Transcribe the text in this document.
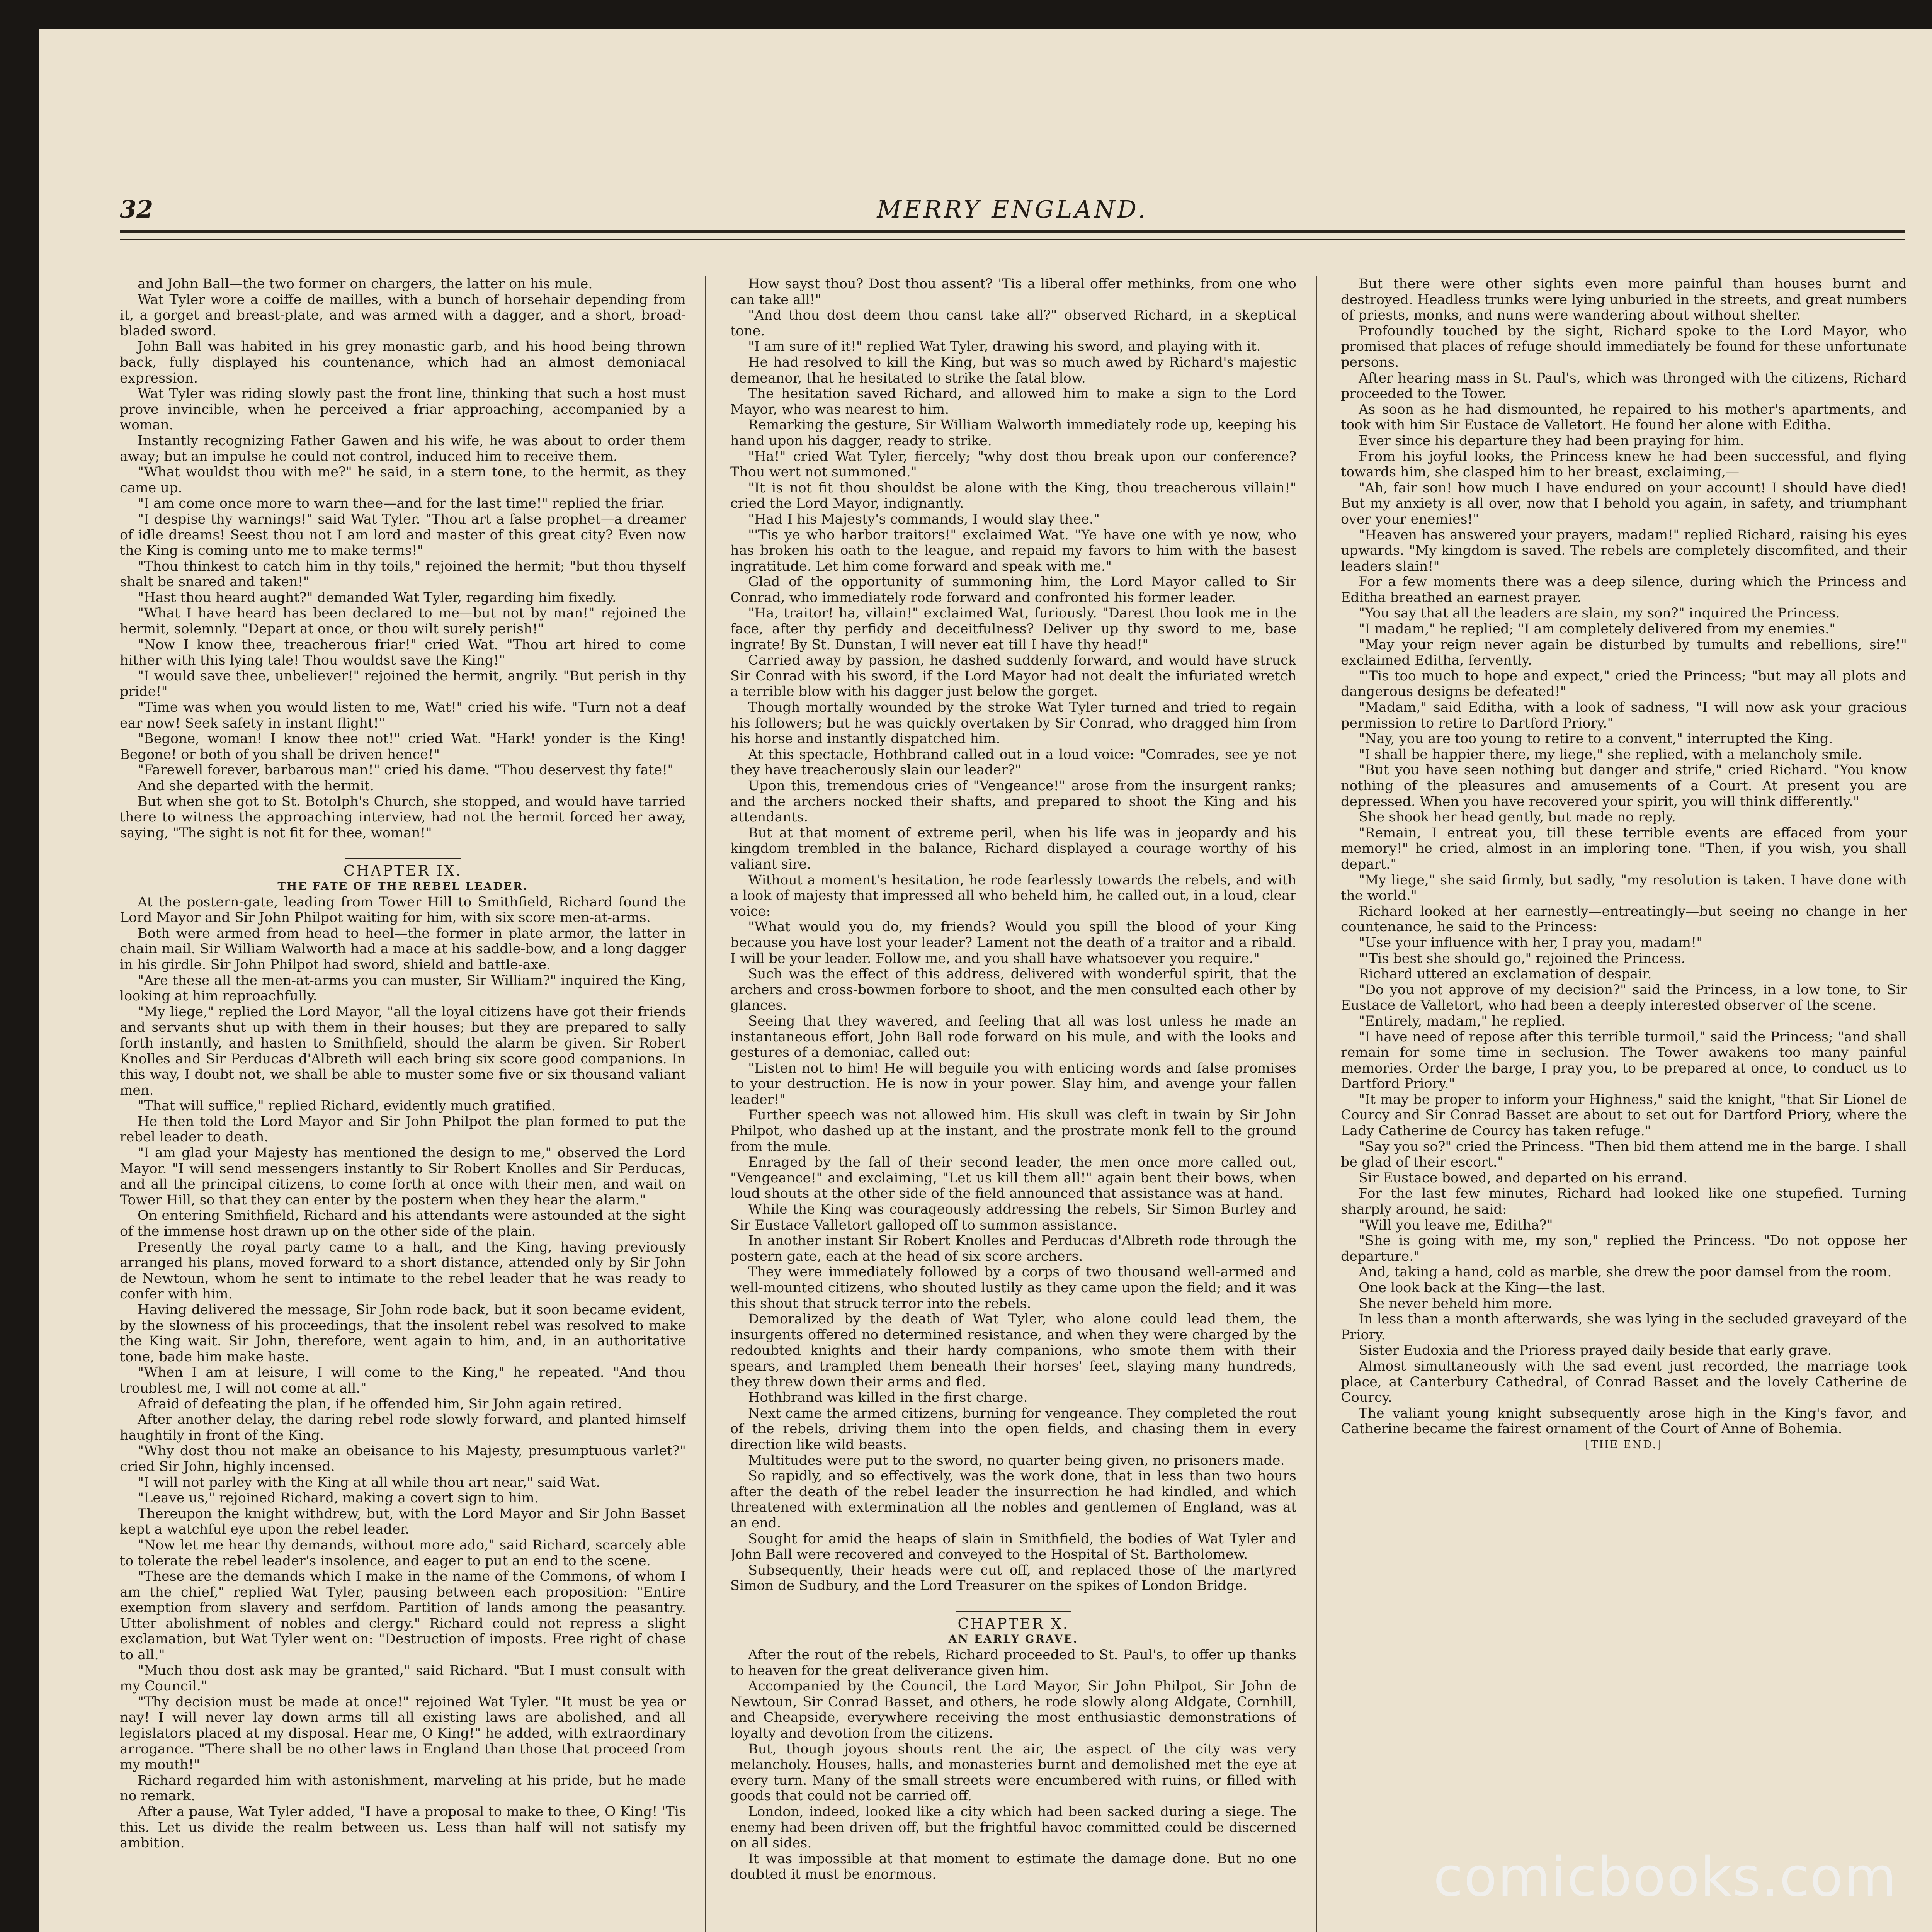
32	MERRY ENGLAND.

and John Ball—the two former on chargers, the latter on his mule.

Wat Tyler wore a coiffe de mailles, with a bunch of horsehair depending from it, a gorget and breast-plate, and was armed with a dagger, and a short, broad-bladed sword.

John Ball was habited in his grey monastic garb, and his hood being thrown back, fully displayed his countenance, which had an almost demoniacal expression.

Wat Tyler was riding slowly past the front line, thinking that such a host must prove invincible, when he perceived a friar approaching, accompanied by a woman.

Instantly recognizing Father Gawen and his wife, he was about to order them away; but an impulse he could not control, induced him to receive them.

"What wouldst thou with me?" he said, in a stern tone, to the hermit, as they came up.

"I am come once more to warn thee—and for the last time!" replied the friar.

"I despise thy warnings!" said Wat Tyler. "Thou art a false prophet—a dreamer of idle dreams! Seest thou not I am lord and master of this great city? Even now the King is coming unto me to make terms!"

"Thou thinkest to catch him in thy toils," rejoined the hermit; "but thou thyself shalt be snared and taken!"

"Hast thou heard aught?" demanded Wat Tyler, regarding him fixedly.

"What I have heard has been declared to me—but not by man!" rejoined the hermit, solemnly. "Depart at once, or thou wilt surely perish!"

"Now I know thee, treacherous friar!" cried Wat. "Thou art hired to come hither with this lying tale! Thou wouldst save the King!"

"I would save thee, unbeliever!" rejoined the hermit, angrily. "But perish in thy pride!"

"Time was when you would listen to me, Wat!" cried his wife. "Turn not a deaf ear now! Seek safety in instant flight!"

"Begone, woman! I know thee not!" cried Wat. "Hark! yonder is the King! Begone! or both of you shall be driven hence!"

"Farewell forever, barbarous man!" cried his dame. "Thou deservest thy fate!"

And she departed with the hermit.

But when she got to St. Botolph's Church, she stopped, and would have tarried there to witness the approaching interview, had not the hermit forced her away, saying, "The sight is not fit for thee, woman!"

CHAPTER IX.

THE FATE OF THE REBEL LEADER.

At the postern-gate, leading from Tower Hill to Smithfield, Richard found the Lord Mayor and Sir John Philpot waiting for him, with six score men-at-arms.

Both were armed from head to heel—the former in plate armor, the latter in chain mail. Sir William Walworth had a mace at his saddle-bow, and a long dagger in his girdle. Sir John Philpot had sword, shield and battle-axe.

"Are these all the men-at-arms you can muster, Sir William?" inquired the King, looking at him reproachfully.

"My liege," replied the Lord Mayor, "all the loyal citizens have got their friends and servants shut up with them in their houses; but they are prepared to sally forth instantly, and hasten to Smithfield, should the alarm be given. Sir Robert Knolles and Sir Perducas d'Albreth will each bring six score good companions. In this way, I doubt not, we shall be able to muster some five or six thousand valiant men.

"That will suffice," replied Richard, evidently much gratified.

He then told the Lord Mayor and Sir John Philpot the plan formed to put the rebel leader to death.

"I am glad your Majesty has mentioned the design to me," observed the Lord Mayor. "I will send messengers instantly to Sir Robert Knolles and Sir Perducas, and all the principal citizens, to come forth at once with their men, and wait on Tower Hill, so that they can enter by the postern when they hear the alarm."

On entering Smithfield, Richard and his attendants were astounded at the sight of the immense host drawn up on the other side of the plain.

Presently the royal party came to a halt, and the King, having previously arranged his plans, moved forward to a short distance, attended only by Sir John de Newtoun, whom he sent to intimate to the rebel leader that he was ready to confer with him.

Having delivered the message, Sir John rode back, but it soon became evident, by the slowness of his proceedings, that the insolent rebel was resolved to make the King wait. Sir John, therefore, went again to him, and, in an authoritative tone, bade him make haste.

"When I am at leisure, I will come to the King," he repeated. "And thou troublest me, I will not come at all."

Afraid of defeating the plan, if he offended him, Sir John again retired.

After another delay, the daring rebel rode slowly forward, and planted himself haughtily in front of the King.

"Why dost thou not make an obeisance to his Majesty, presumptuous varlet?" cried Sir John, highly incensed.

"I will not parley with the King at all while thou art near," said Wat.

"Leave us," rejoined Richard, making a covert sign to him.

Thereupon the knight withdrew, but, with the Lord Mayor and Sir John Basset kept a watchful eye upon the rebel leader.

"Now let me hear thy demands, without more ado," said Richard, scarcely able to tolerate the rebel leader's insolence, and eager to put an end to the scene.

"These are the demands which I make in the name of the Commons, of whom I am the chief," replied Wat Tyler, pausing between each proposition: "Entire exemption from slavery and serfdom. Partition of lands among the peasantry. Utter abolishment of nobles and clergy." Richard could not repress a slight exclamation, but Wat Tyler went on: "Destruction of imposts. Free right of chase to all."

"Much thou dost ask may be granted," said Richard. "But I must consult with my Council."

"Thy decision must be made at once!" rejoined Wat Tyler. "It must be yea or nay! I will never lay down arms till all existing laws are abolished, and all legislators placed at my disposal. Hear me, O King!" he added, with extraordinary arrogance. "There shall be no other laws in England than those that proceed from my mouth!"

Richard regarded him with astonishment, marveling at his pride, but he made no remark.

After a pause, Wat Tyler added, "I have a proposal to make to thee, O King! 'Tis this. Let us divide the realm between us. Less than half will not satisfy my ambition.

How sayst thou? Dost thou assent? 'Tis a liberal offer methinks, from one who can take all!"

"And thou dost deem thou canst take all?" observed Richard, in a skeptical tone.

"I am sure of it!" replied Wat Tyler, drawing his sword, and playing with it.

He had resolved to kill the King, but was so much awed by Richard's majestic demeanor, that he hesitated to strike the fatal blow.

The hesitation saved Richard, and allowed him to make a sign to the Lord Mayor, who was nearest to him.

Remarking the gesture, Sir William Walworth immediately rode up, keeping his hand upon his dagger, ready to strike.

"Ha!" cried Wat Tyler, fiercely; "why dost thou break upon our conference? Thou wert not summoned."

"It is not fit thou shouldst be alone with the King, thou treacherous villain!" cried the Lord Mayor, indignantly.

"Had I his Majesty's commands, I would slay thee."

"'Tis ye who harbor traitors!" exclaimed Wat. "Ye have one with ye now, who has broken his oath to the league, and repaid my favors to him with the basest ingratitude. Let him come forward and speak with me."

Glad of the opportunity of summoning him, the Lord Mayor called to Sir Conrad, who immediately rode forward and confronted his former leader.

"Ha, traitor! ha, villain!" exclaimed Wat, furiously. "Darest thou look me in the face, after thy perfidy and deceitfulness? Deliver up thy sword to me, base ingrate! By St. Dunstan, I will never eat till I have thy head!"

Carried away by passion, he dashed suddenly forward, and would have struck Sir Conrad with his sword, if the Lord Mayor had not dealt the infuriated wretch a terrible blow with his dagger just below the gorget.

Though mortally wounded by the stroke Wat Tyler turned and tried to regain his followers; but he was quickly overtaken by Sir Conrad, who dragged him from his horse and instantly dispatched him.

At this spectacle, Hothbrand called out in a loud voice: "Comrades, see ye not they have treacherously slain our leader?"

Upon this, tremendous cries of "Vengeance!" arose from the insurgent ranks; and the archers nocked their shafts, and prepared to shoot the King and his attendants.

But at that moment of extreme peril, when his life was in jeopardy and his kingdom trembled in the balance, Richard displayed a courage worthy of his valiant sire.

Without a moment's hesitation, he rode fearlessly towards the rebels, and with a look of majesty that impressed all who beheld him, he called out, in a loud, clear voice:

"What would you do, my friends? Would you spill the blood of your King because you have lost your leader? Lament not the death of a traitor and a ribald. I will be your leader. Follow me, and you shall have whatsoever you require."

Such was the effect of this address, delivered with wonderful spirit, that the archers and cross-bowmen forbore to shoot, and the men consulted each other by glances.

Seeing that they wavered, and feeling that all was lost unless he made an instantaneous effort, John Ball rode forward on his mule, and with the looks and gestures of a demoniac, called out:

"Listen not to him! He will beguile you with enticing words and false promises to your destruction. He is now in your power. Slay him, and avenge your fallen leader!"

Further speech was not allowed him. His skull was cleft in twain by Sir John Philpot, who dashed up at the instant, and the prostrate monk fell to the ground from the mule.

Enraged by the fall of their second leader, the men once more called out, "Vengeance!" and exclaiming, "Let us kill them all!" again bent their bows, when loud shouts at the other side of the field announced that assistance was at hand.

While the King was courageously addressing the rebels, Sir Simon Burley and Sir Eustace Valletort galloped off to summon assistance.

In another instant Sir Robert Knolles and Perducas d'Albreth rode through the postern gate, each at the head of six score archers.

They were immediately followed by a corps of two thousand well-armed and well-mounted citizens, who shouted lustily as they came upon the field; and it was this shout that struck terror into the rebels.

Demoralized by the death of Wat Tyler, who alone could lead them, the insurgents offered no determined resistance, and when they were charged by the redoubted knights and their hardy companions, who smote them with their spears, and trampled them beneath their horses' feet, slaying many hundreds, they threw down their arms and fled.

Hothbrand was killed in the first charge.

Next came the armed citizens, burning for vengeance. They completed the rout of the rebels, driving them into the open fields, and chasing them in every direction like wild beasts.

Multitudes were put to the sword, no quarter being given, no prisoners made.

So rapidly, and so effectively, was the work done, that in less than two hours after the death of the rebel leader the insurrection he had kindled, and which threatened with extermination all the nobles and gentlemen of England, was at an end.

Sought for amid the heaps of slain in Smithfield, the bodies of Wat Tyler and John Ball were recovered and conveyed to the Hospital of St. Bartholomew.

Subsequently, their heads were cut off, and replaced those of the martyred Simon de Sudbury, and the Lord Treasurer on the spikes of London Bridge.

CHAPTER X.

AN EARLY GRAVE.

After the rout of the rebels, Richard proceeded to St. Paul's, to offer up thanks to heaven for the great deliverance given him.

Accompanied by the Council, the Lord Mayor, Sir John Philpot, Sir John de Newtoun, Sir Conrad Basset, and others, he rode slowly along Aldgate, Cornhill, and Cheapside, everywhere receiving the most enthusiastic demonstrations of loyalty and devotion from the citizens.

But, though joyous shouts rent the air, the aspect of the city was very melancholy. Houses, halls, and monasteries burnt and demolished met the eye at every turn. Many of the small streets were encumbered with ruins, or filled with goods that could not be carried off.

London, indeed, looked like a city which had been sacked during a siege. The enemy had been driven off, but the frightful havoc committed could be discerned on all sides.

It was impossible at that moment to estimate the damage done. But no one doubted it must be enormous.

But there were other sights even more painful than houses burnt and destroyed. Headless trunks were lying unburied in the streets, and great numbers of priests, monks, and nuns were wandering about without shelter.

Profoundly touched by the sight, Richard spoke to the Lord Mayor, who promised that places of refuge should immediately be found for these unfortunate persons.

After hearing mass in St. Paul's, which was thronged with the citizens, Richard proceeded to the Tower.

As soon as he had dismounted, he repaired to his mother's apartments, and took with him Sir Eustace de Valletort. He found her alone with Editha.

Ever since his departure they had been praying for him.

From his joyful looks, the Princess knew he had been successful, and flying towards him, she clasped him to her breast, exclaiming,—

"Ah, fair son! how much I have endured on your account! I should have died! But my anxiety is all over, now that I behold you again, in safety, and triumphant over your enemies!"

"Heaven has answered your prayers, madam!" replied Richard, raising his eyes upwards. "My kingdom is saved. The rebels are completely discomfited, and their leaders slain!"

For a few moments there was a deep silence, during which the Princess and Editha breathed an earnest prayer.

"You say that all the leaders are slain, my son?" inquired the Princess.

"I madam," he replied; "I am completely delivered from my enemies."

"May your reign never again be disturbed by tumults and rebellions, sire!" exclaimed Editha, fervently.

"'Tis too much to hope and expect," cried the Princess; "but may all plots and dangerous designs be defeated!"

"Madam," said Editha, with a look of sadness, "I will now ask your gracious permission to retire to Dartford Priory."

"Nay, you are too young to retire to a convent," interrupted the King.

"I shall be happier there, my liege," she replied, with a melancholy smile.

"But you have seen nothing but danger and strife," cried Richard. "You know nothing of the pleasures and amusements of a Court. At present you are depressed. When you have recovered your spirit, you will think differently."

She shook her head gently, but made no reply.

"Remain, I entreat you, till these terrible events are effaced from your memory!" he cried, almost in an imploring tone. "Then, if you wish, you shall depart."

"My liege," she said firmly, but sadly, "my resolution is taken. I have done with the world."

Richard looked at her earnestly—entreatingly—but seeing no change in her countenance, he said to the Princess:

"Use your influence with her, I pray you, madam!"

"'Tis best she should go," rejoined the Princess.

Richard uttered an exclamation of despair.

"Do you not approve of my decision?" said the Princess, in a low tone, to Sir Eustace de Valletort, who had been a deeply interested observer of the scene.

"Entirely, madam," he replied.

"I have need of repose after this terrible turmoil," said the Princess; "and shall remain for some time in seclusion. The Tower awakens too many painful memories. Order the barge, I pray you, to be prepared at once, to conduct us to Dartford Priory."

"It may be proper to inform your Highness," said the knight, "that Sir Lionel de Courcy and Sir Conrad Basset are about to set out for Dartford Priory, where the Lady Catherine de Courcy has taken refuge."

"Say you so?" cried the Princess. "Then bid them attend me in the barge. I shall be glad of their escort."

Sir Eustace bowed, and departed on his errand.

For the last few minutes, Richard had looked like one stupefied. Turning sharply around, he said:

"Will you leave me, Editha?"

"She is going with me, my son," replied the Princess. "Do not oppose her departure."

And, taking a hand, cold as marble, she drew the poor damsel from the room.

One look back at the King—the last.

She never beheld him more.

In less than a month afterwards, she was lying in the secluded graveyard of the Priory.

Sister Eudoxia and the Prioress prayed daily beside that early grave.

Almost simultaneously with the sad event just recorded, the marriage took place, at Canterbury Cathedral, of Conrad Basset and the lovely Catherine de Courcy.

The valiant young knight subsequently arose high in the King's favor, and Catherine became the fairest ornament of the Court of Anne of Bohemia.

[THE END.]

comicbooks.com
